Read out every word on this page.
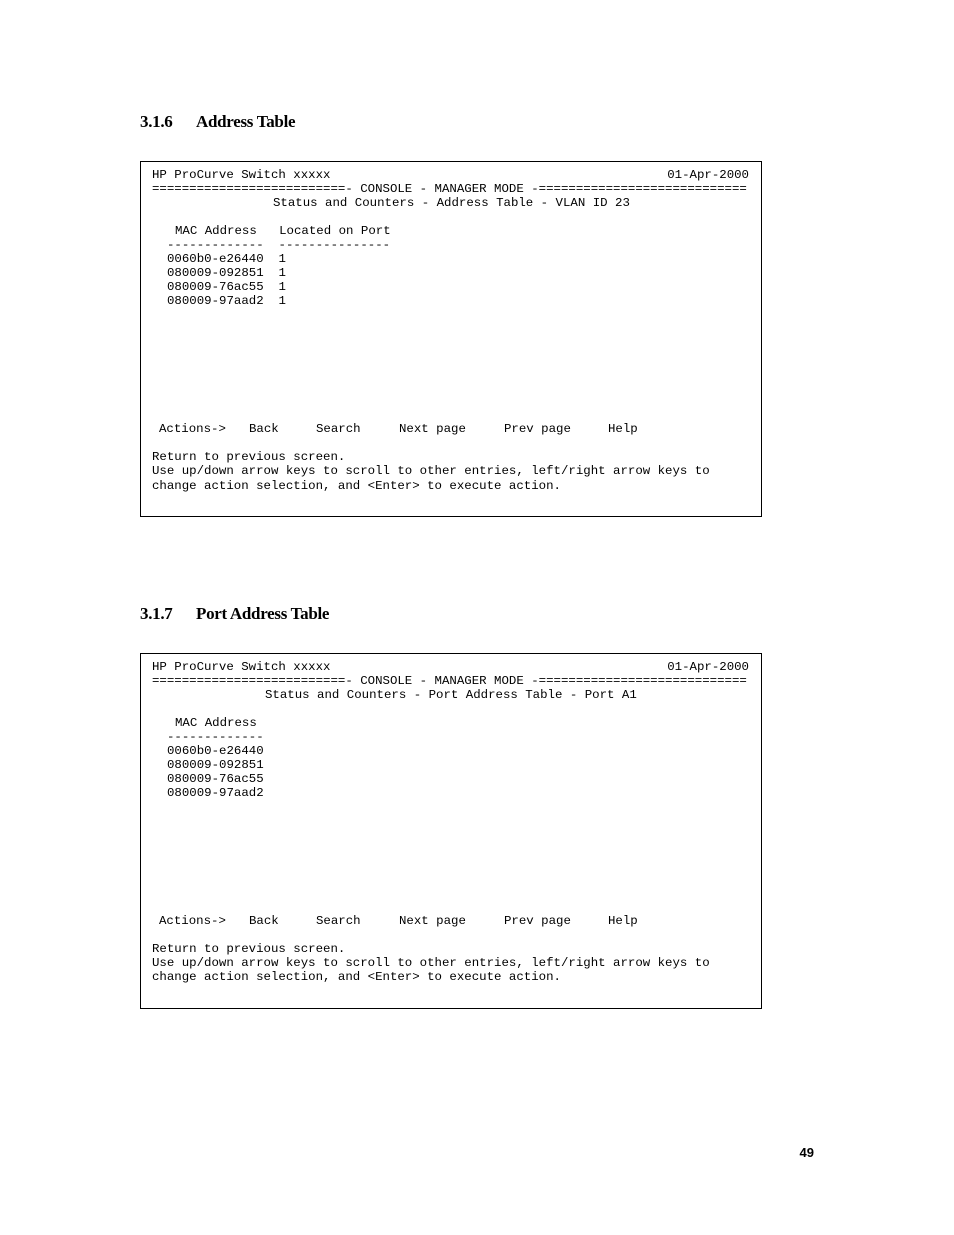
3.1.6 Address Table
HP ProCurve Switch xxxxx	01-Apr-2000
==========================- CONSOLE - MANAGER MODE -============================
Status and Counters - Address Table - VLAN ID 23
MAC Address   Located on Port
-------------  ---------------
0060b0-e26440  1
080009-092851  1
080009-76ac55  1
080009-97aad2  1
Actions-> Back	Search	Next page	Prev page	Help
Return to previous screen.
Use up/down arrow keys to scroll to other entries, left/right arrow keys to
change action selection, and <Enter> to execute action.
3.1.7 Port Address Table
HP ProCurve Switch xxxxx	01-Apr-2000
==========================- CONSOLE - MANAGER MODE -============================
Status and Counters - Port Address Table - Port A1
MAC Address
-------------
0060b0-e26440
080009-092851
080009-76ac55
080009-97aad2
Actions-> Back	Search	Next page	Prev page	Help
Return to previous screen.
Use up/down arrow keys to scroll to other entries, left/right arrow keys to
change action selection, and <Enter> to execute action.
49
